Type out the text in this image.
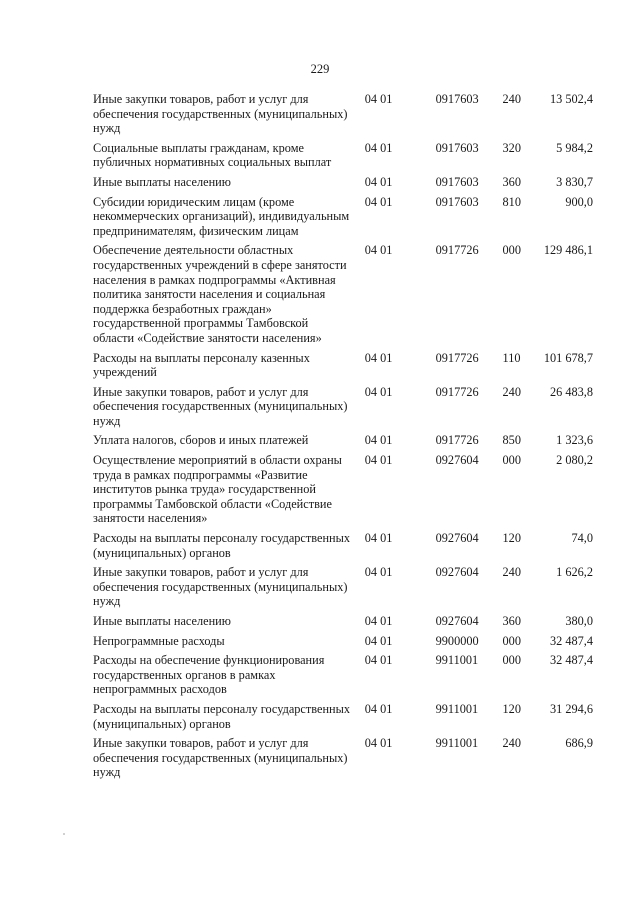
229
Иные закупки товаров, работ и услуг для обеспечения государственных (муниципальных) нужд
04 01	0917603	240	13 502,4
Социальные выплаты гражданам, кроме публичных нормативных социальных выплат
04 01	0917603	320	5 984,2
Иные выплаты населению	04 01	0917603	360	3 830,7
Субсидии юридическим лицам (кроме некоммерческих организаций), индивидуальным предпринимателям, физическим лицам
04 01	0917603	810	900,0
Обеспечение деятельности областных государственных учреждений в сфере занятости населения в рамках подпрограммы «Активная политика занятости населения и социальная поддержка безработных граждан» государственной программы Тамбовской области «Содействие занятости населения»
04 01	0917726	000	129 486,1
Расходы на выплаты персоналу казенных учреждений
04 01	0917726	110	101 678,7
Иные закупки товаров, работ и услуг для обеспечения государственных (муниципальных) нужд
04 01	0917726	240	26 483,8
Уплата налогов, сборов и иных платежей	04 01	0917726	850	1 323,6
Осуществление мероприятий в области охраны труда в рамках подпрограммы «Развитие институтов рынка труда» государственной программы Тамбовской области «Содействие занятости населения»
04 01	0927604	000	2 080,2
Расходы на выплаты персоналу государственных (муниципальных) органов
04 01	0927604	120	74,0
Иные закупки товаров, работ и услуг для обеспечения государственных (муниципальных) нужд
04 01	0927604	240	1 626,2
Иные выплаты населению	04 01	0927604	360	380,0
Непрограммные расходы	04 01	9900000	000	32 487,4
Расходы на обеспечение функционирования государственных органов в рамках непрограммных расходов
04 01	9911001	000	32 487,4
Расходы на выплаты персоналу государственных (муниципальных) органов
04 01	9911001	120	31 294,6
Иные закупки товаров, работ и услуг для обеспечения государственных (муниципальных) нужд
04 01	9911001	240	686,9
